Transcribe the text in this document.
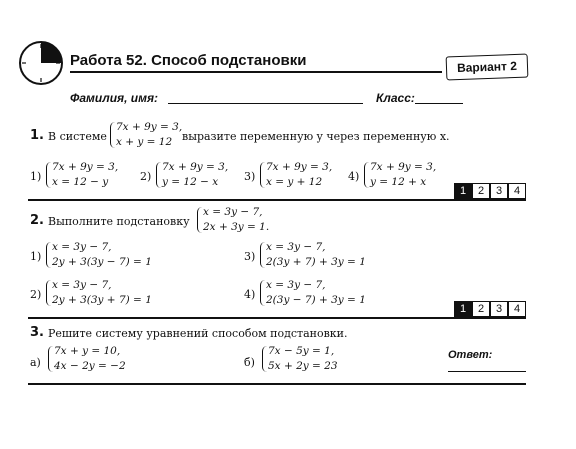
Работа 52. Способ подстановки	Вариант 2
Фамилия, имя:	Класс:
1. В системе
7x + 9y = 3,
x + y = 12 выразите переменную y через переменную x.
1)
7x + 9y = 3,
x = 12 − y	2)
7x + 9y = 3,
y = 12 − x	3)
7x + 9y = 3,
x = y + 12	4)
7x + 9y = 3,
y = 12 + x
1	2	3	4
2. Выполните подстановку
x = 3y − 7,
2x + 3y = 1.
1)
x = 3y − 7,
2y + 3(3y − 7) = 1	3)
x = 3y − 7,
2(3y + 7) + 3y = 1
2)
x = 3y − 7,
2y + 3(3y + 7) = 1	4)
x = 3y − 7,
2(3y − 7) + 3y = 1
1	2	3	4
3. Решите систему уравнений способом подстановки.
а)
7x + y = 10,
4x − 2y = −2	б)
7x − 5y = 1,
5x + 2y = 23
Ответ:
